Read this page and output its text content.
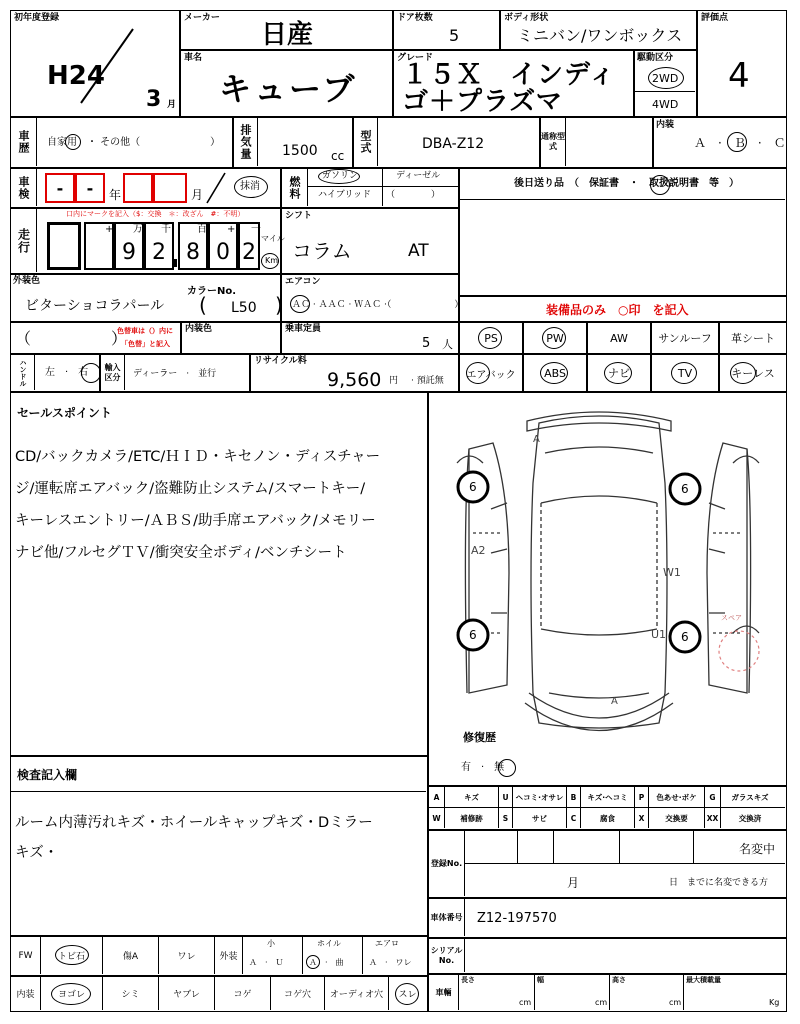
初年度登録
H24
3 月
メーカー
日産
ドア枚数
5
ボディ形状
ミニバン/ワンボックス
評価点
4
車名
キューブ
グレード
１５Ｘ　インディゴ＋プラズマ
駆動区分
2WD
4WD
車歴	自家用　・ その他（　　　　　　　）	排気量	1500 cc
型式	DBA-Z12	通称型式
内装
Ａ　·　Ｂ　·　Ｃ
車検	- - 年	月
抹消	燃料	ガソリン	ディーゼル
ハイブリッド （　　　　）
後日送り品　（　保証書　・　取扱説明書　等　）
走行
口内にマークを記入（$：交換　＊：改ざん　#：不明）
9 2 8 0 2
+ 万 千	百 + 一
マイル
Km
シフト
コラム	AT
外装色
カラーNo.
ビターショコラパール ( L50 )
エアコン
ＡＣ · ＡＡＣ · ＷＡＣ ·（　　　　　　　）	装備品のみ　○印　を記入
（　　　　　）
色替車は（）内に
「色替」と記入
内装色	乗車定員
5 人	PS	PW	AW	サンルーフ 革シート
ハンドル	左　·　右	輸入区分	ディーラー　·　並行
リサイクル料
9,560 円 · 預託無
エアバック	ABS	ナビ	TV	キーレス
セールスポイント
CD/バックカメラ/ETC/ＨＩＤ・キセノン・ディスチャー
ジ/運転席エアバック/盗難防止システム/スマートキー/
キーレスエントリー/ＡＢＳ/助手席エアバック/メモリー
ナビ他/フルセグＴＶ/衝突安全ボディ/ベンチシート
6	6
6	6
A
A2
W1
U1
A
スペア
修復歴
有　·　無
A	キズ	U ヘコミ·オサレ B	キズ·ヘコミ	P	色あせ·ボケ	G	ガラスキズ
W	補修跡	S	サビ	C	腐食	X	交換要	XX	交換済
登録No.
名変中
月	日　までに名変できる方
車体番号 Z12-197570
シリアルNo.
車輛
長さ
cm
幅
cm
高さ
cm
最大積載量
Kg
検査記入欄
ルーム内薄汚れキズ・ホイールキャップキズ・Dミラー
キズ・
FW	トビ石	傷A	ワレ	外装
小
Ａ　·　Ｕ
ホイル
Ａ　·　曲
エアロ
Ａ　·　ワレ
内装	ヨゴレ	シミ	ヤブレ	コゲ	コゲ穴	オーディオ穴	スレ
